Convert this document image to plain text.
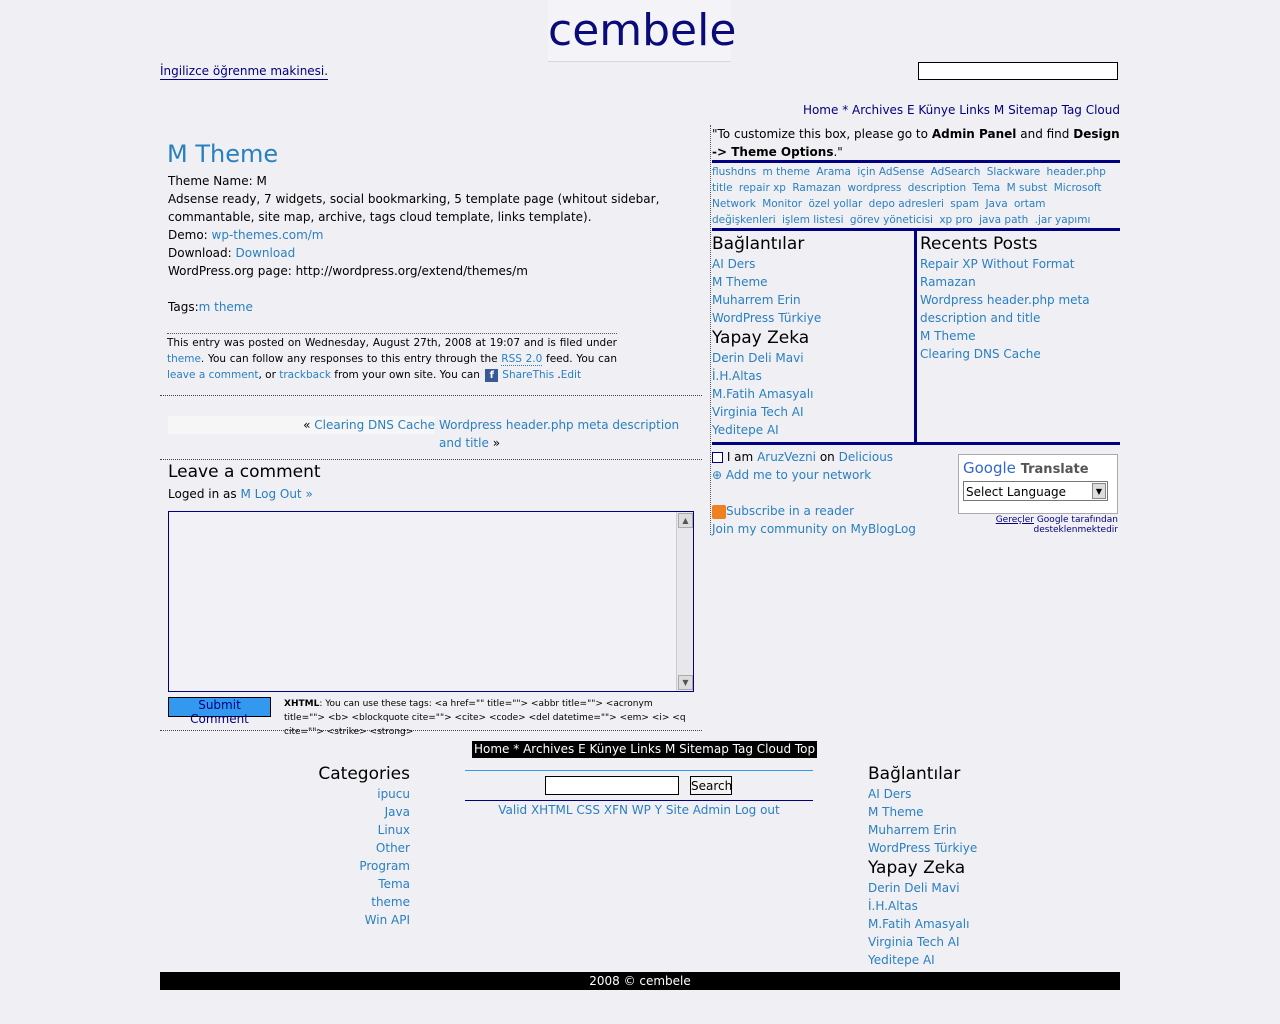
cembele
İngilizce öğrenme makinesi.
Home * Archives E Künye Links M Sitemap Tag Cloud
M Theme
Theme Name: M
Adsense ready, 7 widgets, social bookmarking, 5 template page (whitout sidebar, commantable, site map, archive, tags cloud template, links template).
Demo: wp-themes.com/m
Download: Download
WordPress.org page: http://wordpress.org/extend/themes/m
Tags:m theme
This entry was posted on Wednesday, August 27th, 2008 at 19:07 and is filed under theme. You can follow any responses to this entry through the RSS 2.0 feed. You can leave a comment, or trackback from your own site. You can f ShareThis .Edit
« Clearing DNS Cache Wordpress header.php meta description and title »
Leave a comment
Loged in as M Log Out »
▲
▼
Submit Comment
XHTML: You can use these tags: <a href="" title=""> <abbr title=""> <acronym title=""> <b> <blockquote cite=""> <cite> <code> <del datetime=""> <em> <i> <q cite=""> <strike> <strong>
"To customize this box, please go to Admin Panel and find Design -> Theme Options."
flushdns m theme Arama için AdSense AdSearch Slackware header.php title repair xp Ramazan wordpress description Tema M subst Microsoft Network Monitor özel yollar depo adresleri spam Java ortam değişkenleri işlem listesi görev yöneticisi xp pro java path .jar yapımı
Bağlantılar
AI Ders
M Theme
Muharrem Erin
WordPress Türkiye
Yapay Zeka
Derin Deli Mavi
İ.H.Altas
M.Fatih Amasyalı
Virginia Tech AI
Yeditepe AI
Recents Posts
Repair XP Without Format
Ramazan
Wordpress header.php meta description and title
M Theme
Clearing DNS Cache
I am AruzVezni on Delicious
⊕ Add me to your network
Subscribe in a reader
Join my community on MyBlogLog
Google Translate
Select Language	▼
Gereçler Google tarafından desteklenmektedir
Home * Archives E Künye Links M Sitemap Tag Cloud Top
Search
Valid XHTML CSS XFN WP Y Site Admin Log out
Categories
ipucu
Java
Linux
Other
Program
Tema
theme
Win API
Bağlantılar
AI Ders
M Theme
Muharrem Erin
WordPress Türkiye
Yapay Zeka
Derin Deli Mavi
İ.H.Altas
M.Fatih Amasyalı
Virginia Tech AI
Yeditepe AI
2008 © cembele
